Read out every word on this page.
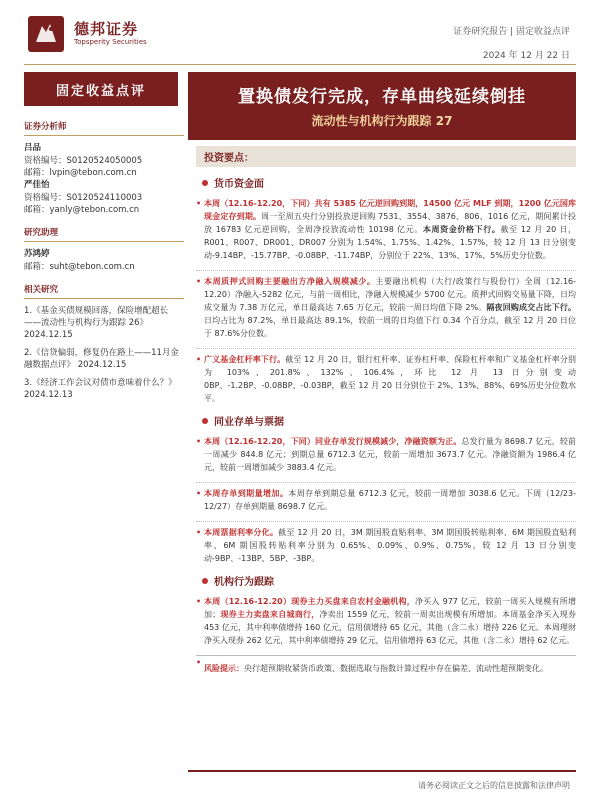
德邦证券
Topsperity Securities
证券研究报告 | 固定收益点评
2024 年 12 月 22 日
固定收益点评	置换债发行完成，存单曲线延续倒挂
流动性与机构行为跟踪 27
证券分析师
吕品
资格编号：S0120524050005
邮箱：lvpin@tebon.com.cn
严佳怡
资格编号：S0120524110003
邮箱：yanly@tebon.com.cn
研究助理
苏鸿婷
邮箱：suht@tebon.com.cn
相关研究
1.《基金买债规模回落，保险增配超长——流动性与机构行为跟踪 26》 2024.12.15
2.《信贷偏弱，修复仍在路上——11月金融数据点评》 2024.12.15
3.《经济工作会议对债市意味着什么？》 2024.12.13
投资要点：
货币资金面
• 本周（12.16-12.20，下同）共有 5385 亿元逆回购到期，14500 亿元 MLF 到期，1200 亿元国库现金定存到期。周一至周五央行分别投放逆回购 7531、3554、3876、806、1016 亿元，期间累计投放 16783 亿元逆回购，全周净投放流动性 10198 亿元。本周资金价格下行。截至 12 月 20 日，R001、R007、DR001、DR007 分别为 1.54%、1.75%、1.42%、1.57%，较 12 月 13 日分别变动-9.14BP、-15.77BP、-0.08BP、-11.74BP，分别位于 22%、13%、17%、5%历史分位数。
• 本周质押式回购主要融出方净融入规模减少。主要融出机构（大行/政策行与股份行）全周（12.16-12.20）净融入-5282 亿元，与前一周相比，净融入规模减少 5700 亿元。质押式回购交易量下降，日均成交量为 7.38 万亿元，单日最高达 7.65 万亿元，较前一周日均值下降 2%。隔夜回购成交占比下行。日均占比为 87.2%，单日最高达 89.1%，较前一周的日均值下行 0.34 个百分点，截至 12 月 20 日位于 87.6%分位数。
• 广义基金杠杆率下行。截至 12 月 20 日，银行杠杆率、证券杠杆率、保险杠杆率和广义基金杠杆率分别为 103%、201.8%、132%、106.4%，环比 12 月 13 日分别变动 0BP、-1.2BP、-0.08BP、-0.03BP，截至 12 月 20 日分别位于 2%、13%、88%、69%历史分位数水平。
同业存单与票据
• 本周（12.16-12.20，下同）同业存单发行规模减少，净融资额为正。总发行量为 8698.7 亿元，较前一周减少 844.8 亿元；到期总量 6712.3 亿元，较前一周增加 3673.7 亿元。净融资额为 1986.4 亿元，较前一周增加减少 3883.4 亿元。
• 本周存单到期量增加。本周存单到期总量 6712.3 亿元，较前一周增加 3038.6 亿元。下周（12/23-12/27）存单到期量 8698.7 亿元。
• 本周票据利率分化。截至 12 月 20 日，3M 期国股直贴利率、3M 期国股转贴利率、6M 期国股直贴利率、6M 期国股转贴利率分别为 0.65%、0.09%、0.9%、0.75%，较 12 月 13 日分别变动-9BP、-13BP、5BP、-3BP。
机构行为跟踪
• 本周（12.16-12.20）现券主力买盘来自农村金融机构，净买入 977 亿元，较前一周买入规模有所增加；现券主力卖盘来自城商行，净卖出 1559 亿元，较前一周卖出规模有所增加。本周基金净买入现券 453 亿元，其中利率债增持 160 亿元，信用债增持 65 亿元，其他（含二永）增持 226 亿元。本周理财净买入现券 262 亿元，其中利率债增持 29 亿元，信用债增持 63 亿元，其他（含二永）增持 62 亿元。
•
风险提示：央行超预期收紧货币政策、数据选取与指数计算过程中存在偏差、流动性超预期变化。
请务必阅读正文之后的信息披露和法律声明
